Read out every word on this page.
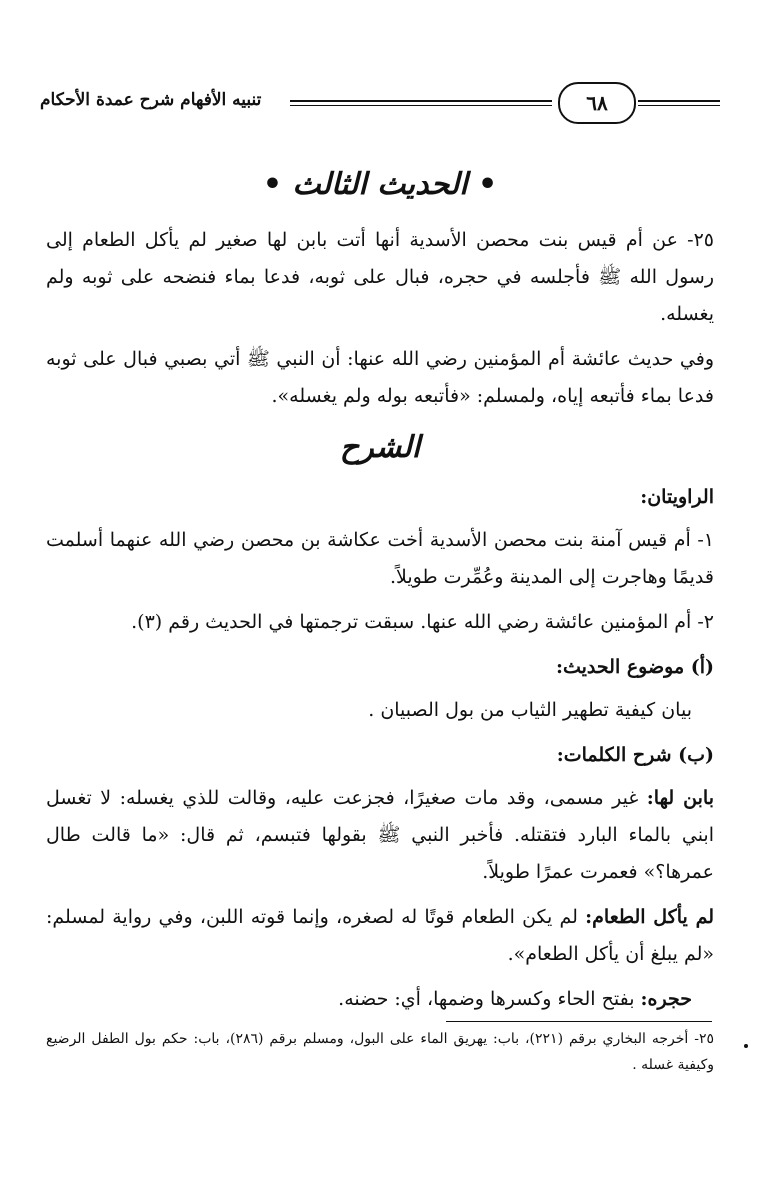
تنبيه الأفهام شرح عمدة الأحكام	٦٨
• الحديث الثالث •

٢٥- عن أم قيس بنت محصن الأسدية أنها أتت بابن لها صغير لم يأكل الطعام إلى رسول الله ﷺ فأجلسه في حجره، فبال على ثوبه، فدعا بماء فنضحه على ثوبه ولم يغسله.

وفي حديث عائشة أم المؤمنين رضي الله عنها: أن النبي ﷺ أتي بصبي فبال على ثوبه فدعا بماء فأتبعه إياه، ولمسلم: «فأتبعه بوله ولم يغسله».

الشرح
الراويتان:

١- أم قيس آمنة بنت محصن الأسدية أخت عكاشة بن محصن رضي الله عنهما أسلمت قديمًا وهاجرت إلى المدينة وعُمِّرت طويلاً.

٢- أم المؤمنين عائشة رضي الله عنها. سبقت ترجمتها في الحديث رقم (٣).

(أ) موضوع الحديث:

بيان كيفية تطهير الثياب من بول الصبيان .

(ب) شرح الكلمات:

بابن لها: غير مسمى، وقد مات صغيرًا، فجزعت عليه، وقالت للذي يغسله: لا تغسل ابني بالماء البارد فتقتله. فأخبر النبي ﷺ بقولها فتبسم، ثم قال: «ما قالت طال عمرها؟» فعمرت عمرًا طويلاً.

لم يأكل الطعام: لم يكن الطعام قوتًا له لصغره، وإنما قوته اللبن، وفي رواية لمسلم: «لم يبلغ أن يأكل الطعام».

حجره: بفتح الحاء وكسرها وضمها، أي: حضنه.

٢٥- أخرجه البخاري برقم (٢٢١)، باب: يهريق الماء على البول، ومسلم برقم (٢٨٦)، باب: حكم بول الطفل الرضيع وكيفية غسله .
